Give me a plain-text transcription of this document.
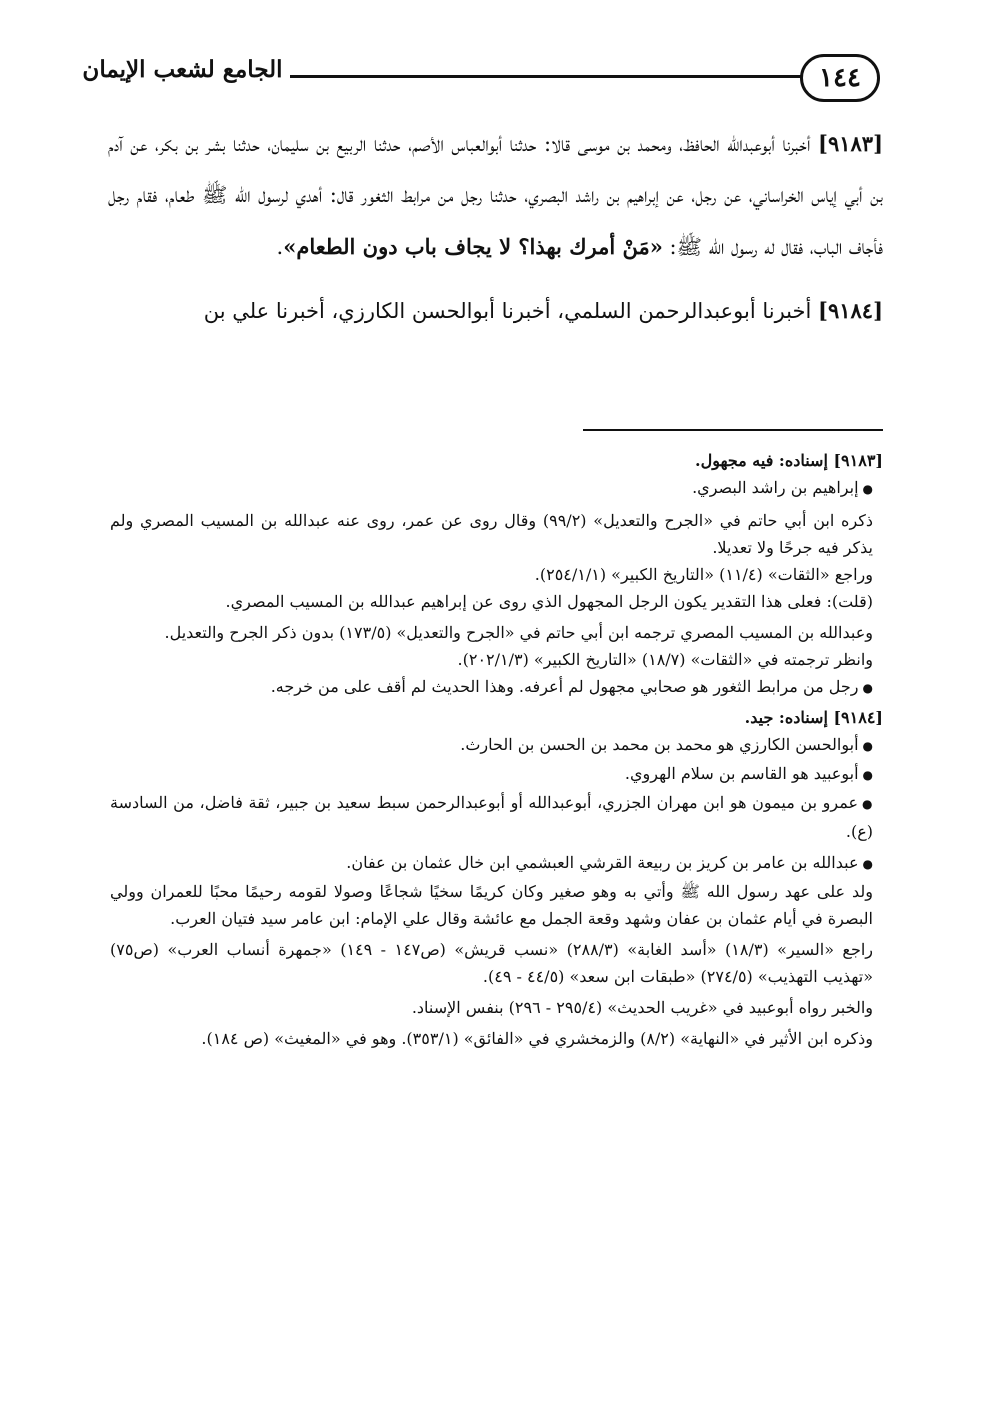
١٤٤
الجامع لشعب الإيمان

[٩١٨٣] أخبرنا أبوعبدالله الحافظ، ومحمد بن موسى قالا: حدثنا أبوالعباس الأصم، حدثنا الربيع بن سليمان، حدثنا بشر بن بكر، عن آدم بن أبي إياس الخراساني، عن رجل، عن إبراهيم بن راشد البصري، حدثنا رجل من مرابط الثغور قال: أهدي لرسول الله ﷺ طعام، فقام رجل فأجاف الباب، فقال له رسول الله ﷺ: «مَنْ أمرك بهذا؟ لا يجاف باب دون الطعام».

[٩١٨٤] أخبرنا أبوعبدالرحمن السلمي، أخبرنا أبوالحسن الكارزي، أخبرنا علي بن

[٩١٨٣] إسناده: فيه مجهول.

● إبراهيم بن راشد البصري.

ذكره ابن أبي حاتم في «الجرح والتعديل» (٩٩/٢) وقال روى عن عمر، روى عنه عبدالله بن المسيب المصري ولم يذكر فيه جرحًا ولا تعديلا.

وراجع «الثقات» (١١/٤) «التاريخ الكبير» (٢٥٤/١/١).

(قلت): فعلى هذا التقدير يكون الرجل المجهول الذي روى عن إبراهيم عبدالله بن المسيب المصري.

وعبدالله بن المسيب المصري ترجمه ابن أبي حاتم في «الجرح والتعديل» (١٧٣/٥) بدون ذكر الجرح والتعديل.

وانظر ترجمته في «الثقات» (١٨/٧) «التاريخ الكبير» (٢٠٢/١/٣).

● رجل من مرابط الثغور هو صحابي مجهول لم أعرفه. وهذا الحديث لم أقف على من خرجه.

[٩١٨٤] إسناده: جيد.

● أبوالحسن الكارزي هو محمد بن محمد بن الحسن بن الحارث.

● أبوعبيد هو القاسم بن سلام الهروي.

● عمرو بن ميمون هو ابن مهران الجزري، أبوعبدالله أو أبوعبدالرحمن سبط سعيد بن جبير، ثقة فاضل، من السادسة (ع).

● عبدالله بن عامر بن كريز بن ربيعة القرشي العبشمي ابن خال عثمان بن عفان.

ولد على عهد رسول الله ﷺ وأتي به وهو صغير وكان كريمًا سخيًا شجاعًا وصولا لقومه رحيمًا محبًا للعمران وولي البصرة في أيام عثمان بن عفان وشهد وقعة الجمل مع عائشة وقال علي الإمام: ابن عامر سيد فتيان العرب.

راجع «السير» (١٨/٣) «أسد الغابة» (٢٨٨/٣) «نسب قريش» (ص١٤٧ - ١٤٩) «جمهرة أنساب العرب» (ص٧٥) «تهذيب التهذيب» (٢٧٤/٥) «طبقات ابن سعد» (٤٤/٥ - ٤٩).

والخبر رواه أبوعبيد في «غريب الحديث» (٢٩٥/٤ - ٢٩٦) بنفس الإسناد.

وذكره ابن الأثير في «النهاية» (٨/٢) والزمخشري في «الفائق» (٣٥٣/١). وهو في «المغيث» (ص ١٨٤).
